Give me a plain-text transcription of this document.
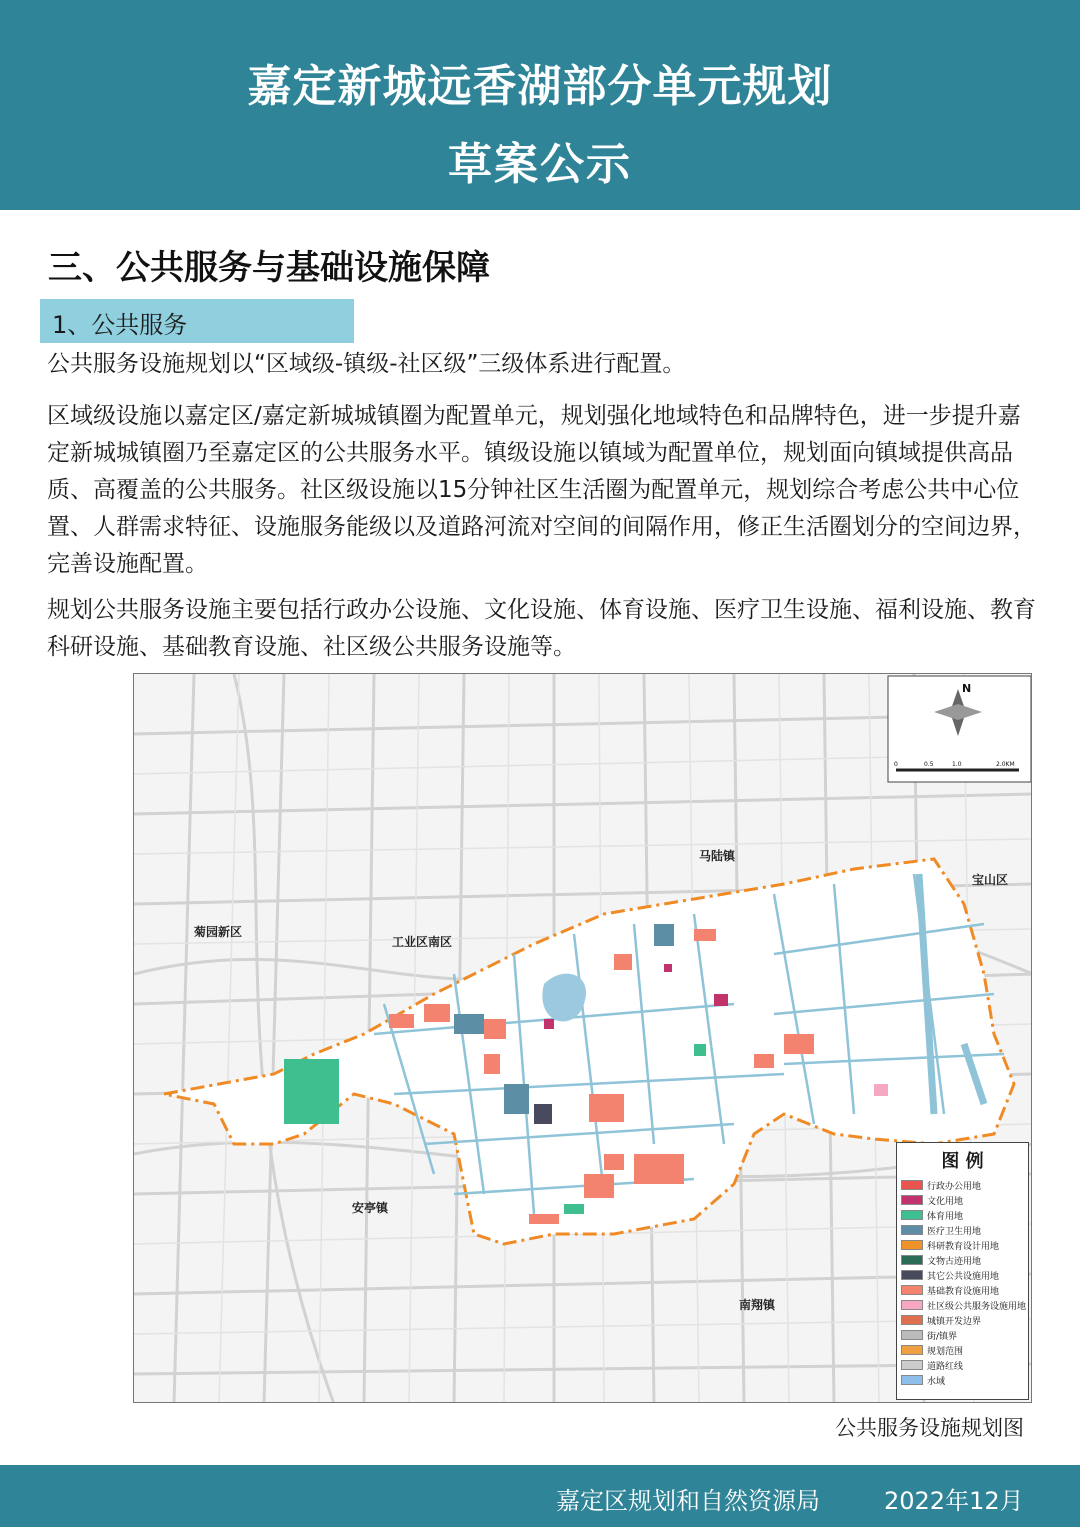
嘉定新城远香湖部分单元规划
草案公示
三、公共服务与基础设施保障
1、公共服务
公共服务设施规划以“区域级-镇级-社区级”三级体系进行配置。
区域级设施以嘉定区/嘉定新城城镇圈为配置单元，规划强化地域特色和品牌特色，进一步提升嘉定新城城镇圈乃至嘉定区的公共服务水平。镇级设施以镇域为配置单位，规划面向镇域提供高品质、高覆盖的公共服务。社区级设施以15分钟社区生活圈为配置单元，规划综合考虑公共中心位置、人群需求特征、设施服务能级以及道路河流对空间的间隔作用，修正生活圈划分的空间边界，完善设施配置。
规划公共服务设施主要包括行政办公设施、文化设施、体育设施、医疗卫生设施、福利设施、教育科研设施、基础教育设施、社区级公共服务设施等。
马陆镇
宝山区
菊园新区
工业区南区
安亭镇
南翔镇
N
0	0.5	1.0	2.0KM
图 例
行政办公用地
文化用地
体育用地
医疗卫生用地
科研教育设计用地
文物古迹用地
其它公共设施用地
基础教育设施用地
社区级公共服务设施用地
城镇开发边界
街/镇界
规划范围
道路红线
水域
公共服务设施规划图
嘉定区规划和自然资源局	2022年12月
